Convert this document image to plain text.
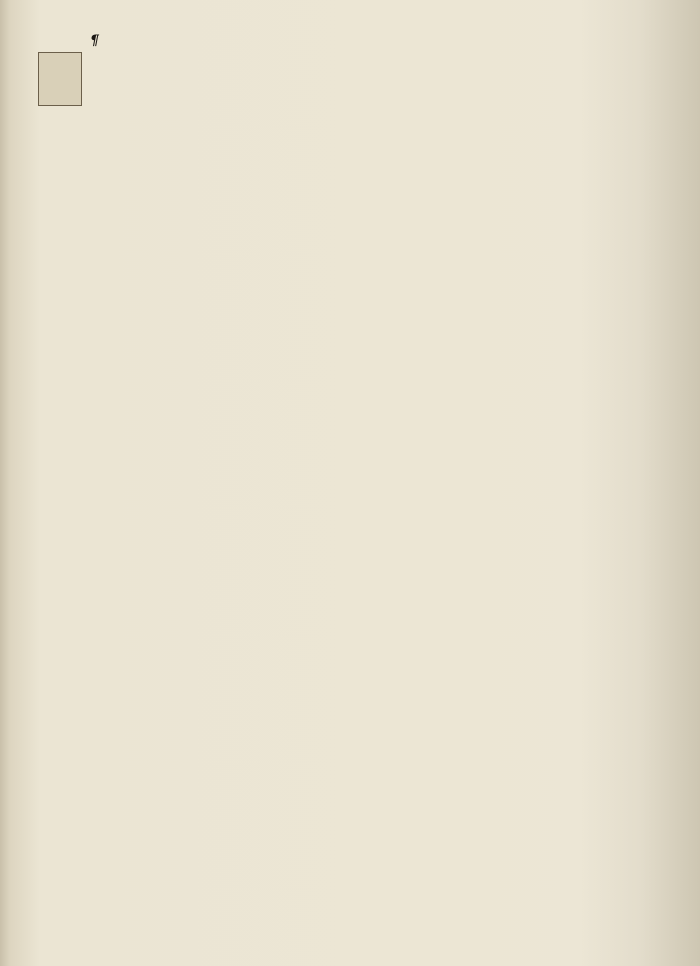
¶
